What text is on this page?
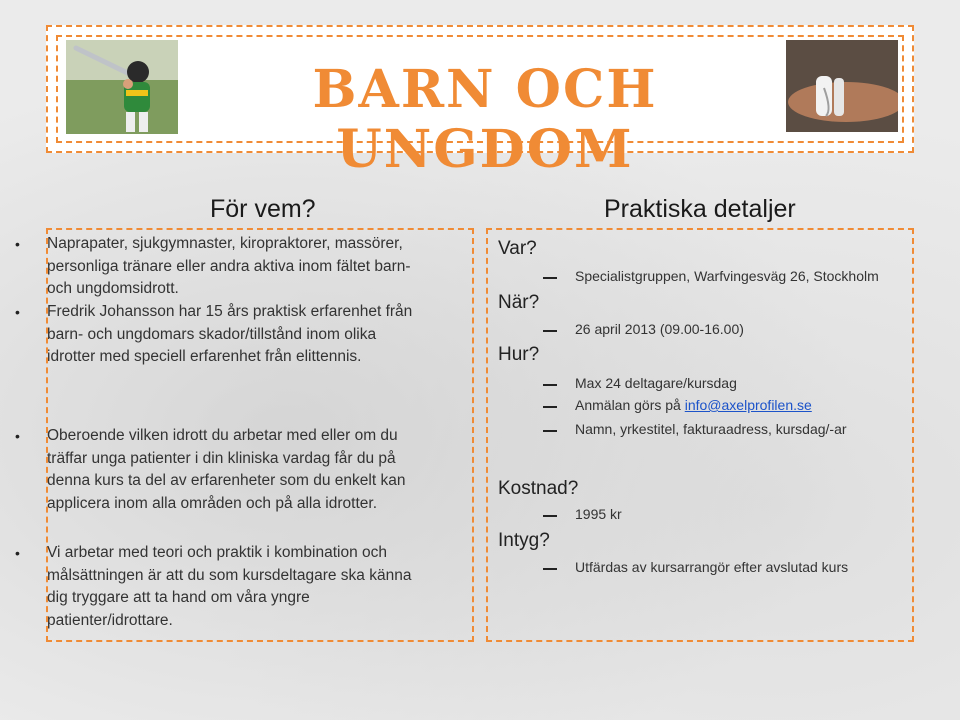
BARN OCH UNGDOM
För vem?	Praktiska detaljer
• Naprapater, sjukgymnaster, kiropraktorer, massörer, personliga tränare eller andra aktiva inom fältet barn- och ungdomsidrott.
• Fredrik Johansson har 15 års praktisk erfarenhet från barn- och ungdomars skador/tillstånd inom olika idrotter med speciell erfarenhet från elittennis.
• Oberoende vilken idrott du arbetar med eller om du träffar unga patienter i din kliniska vardag får du på denna kurs ta del av erfarenheter som du enkelt kan applicera inom alla områden och på alla idrotter.
• Vi arbetar med teori och praktik i kombination och målsättningen är att du som kursdeltagare ska känna dig tryggare att ta hand om våra yngre patienter/idrottare.
Var?
När?
Hur?
Kostnad?
Intyg?
Specialistgruppen, Warfvingesväg 26, Stockholm
26 april 2013 (09.00-16.00)
Max 24 deltagare/kursdag
Anmälan görs på info@axelprofilen.se
Namn, yrkestitel, fakturaadress, kursdag/-ar
1995 kr
Utfärdas av kursarrangör efter avslutad kurs
